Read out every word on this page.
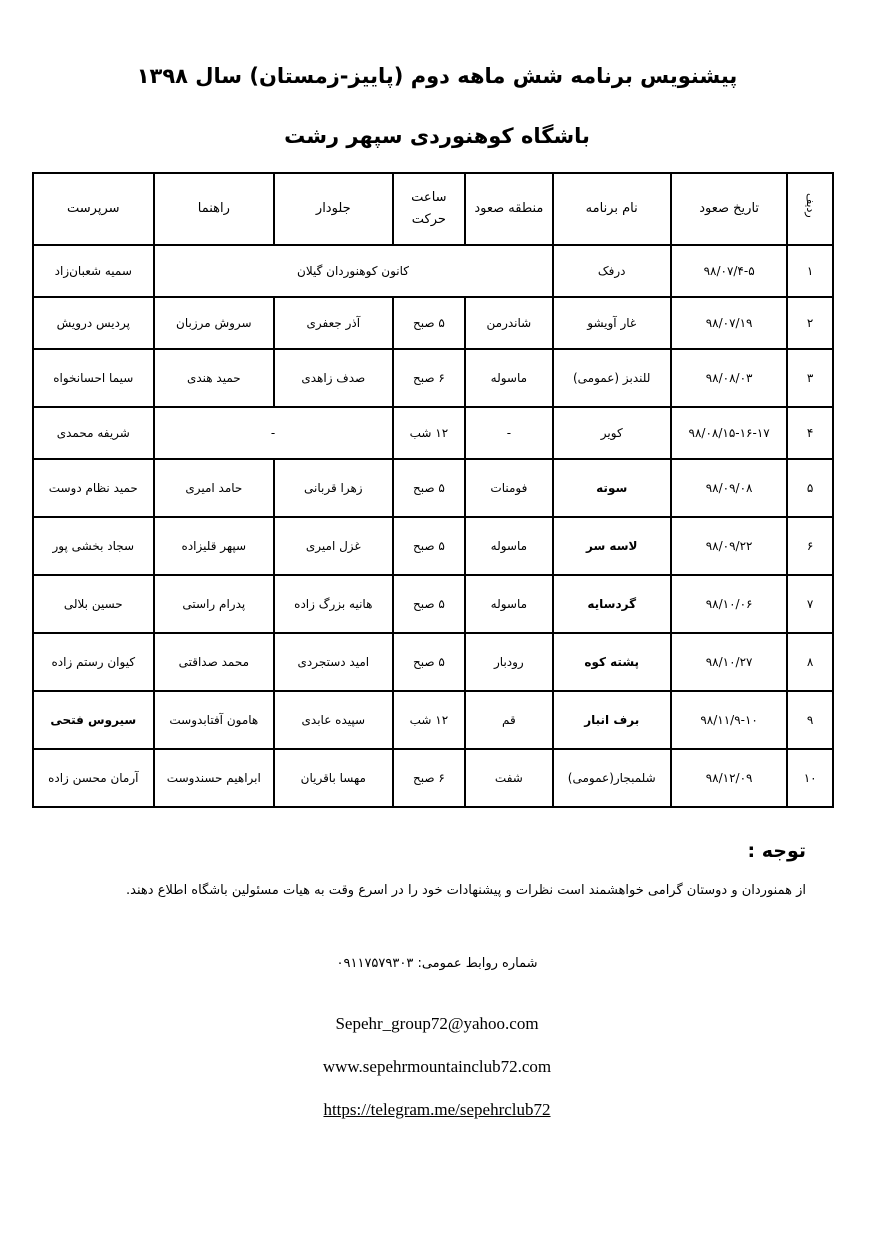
پیشنویس برنامه شش ماهه دوم (پاییز-زمستان) سال ۱۳۹۸
باشگاه کوهنوردی سپهر رشت
ردیف	تاریخ صعود	نام برنامه	منطقه صعود	ساعت حرکت	جلودار	راهنما	سرپرست
۱	۹۸/۰۷/۴-۵	درفک	کانون کوهنوردان گیلان				سمیه شعبان‌زاد
۲	۹۸/۰۷/۱۹	غار آویشو	شاندرمن	۵ صبح	آذر جعفری	سروش مرزبان	پردیس درویش
۳	۹۸/۰۸/۰۳	للندبز (عمومی)	ماسوله	۶ صبح	صدف زاهدی	حمید هندی	سیما احسانخواه
۴	۹۸/۰۸/۱۵-۱۶-۱۷	کویر	-	۱۲ شب	-		شریفه محمدی
۵	۹۸/۰۹/۰۸	سوته	فومنات	۵ صبح	زهرا قربانی	حامد امیری	حمید نظام دوست
۶	۹۸/۰۹/۲۲	لاسه سر	ماسوله	۵ صبح	غزل امیری	سپهر قلیزاده	سجاد بخشی پور
۷	۹۸/۱۰/۰۶	گردسایه	ماسوله	۵ صبح	هانیه بزرگ زاده	پدرام راستی	حسین بلالی
۸	۹۸/۱۰/۲۷	پشته کوه	رودبار	۵ صبح	امید دستجردی	محمد صداقتی	کیوان رستم زاده
۹	۹۸/۱۱/۹-۱۰	برف انبار	قم	۱۲ شب	سپیده عابدی	هامون آفتابدوست	سیروس فتحی
۱۰	۹۸/۱۲/۰۹	شلمبجار(عمومی)	شفت	۶ صبح	مهسا باقریان	ابراهیم حسندوست	آرمان محسن زاده
توجه :
از همنوردان و دوستان گرامی خواهشمند است نظرات و پیشنهادات خود را در اسرع وقت به هیات مسئولین باشگاه اطلاع دهند.
شماره روابط عمومی: ۰۹۱۱۷۵۷۹۳۰۳
Sepehr_group72@yahoo.com
www.sepehrmountainclub72.com
https://telegram.me/sepehrclub72
